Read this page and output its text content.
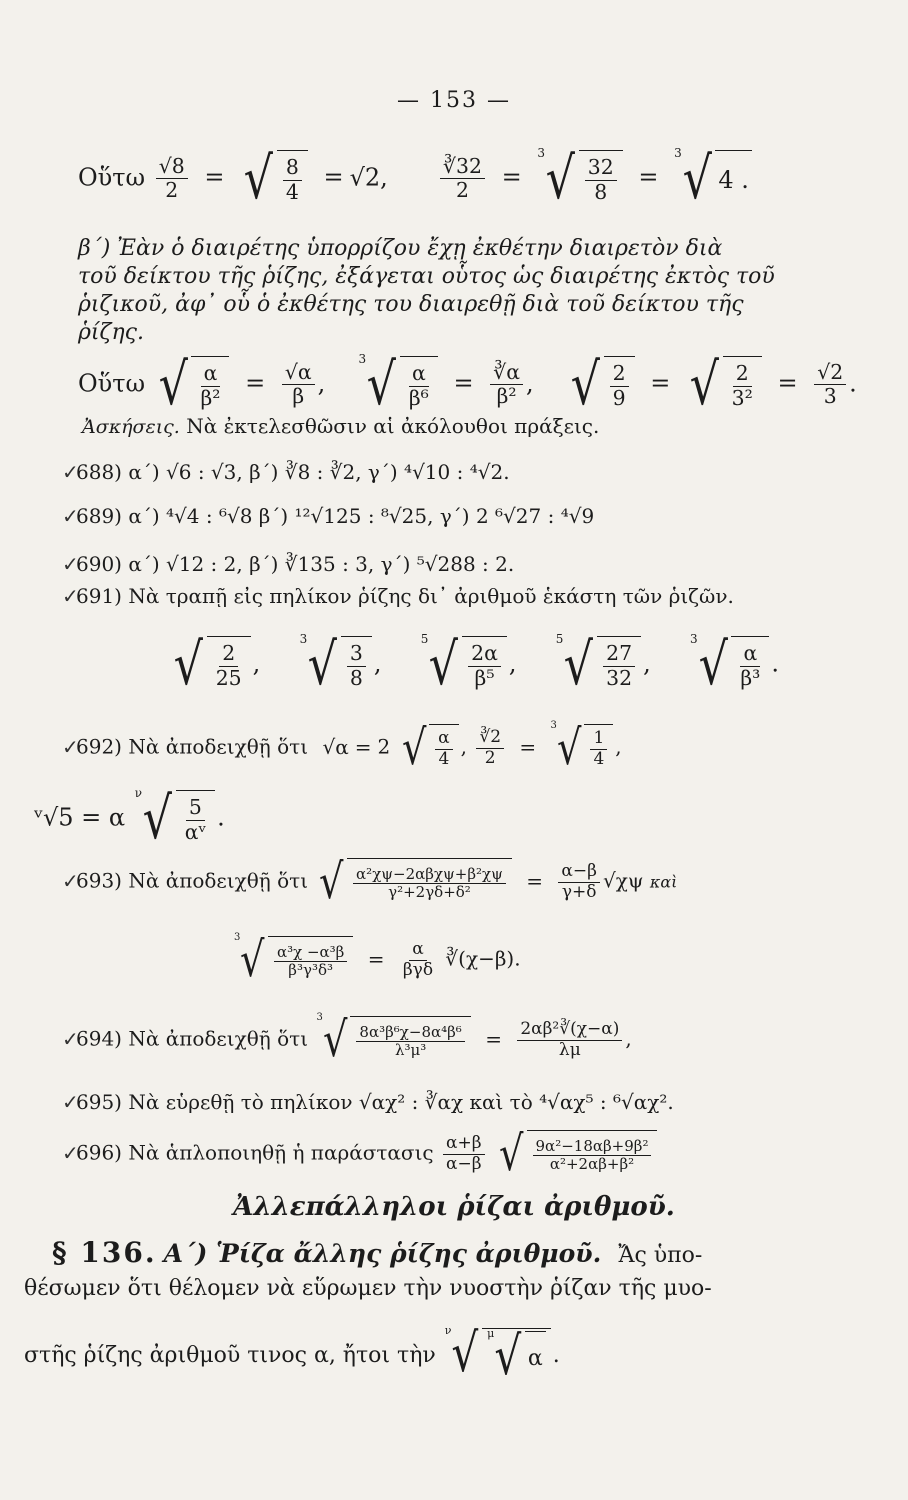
— 153 —
Οὕτω $\frac{√8}{2}$ = √ $\frac{8}{4} = √2$, $\frac{∛32}{2}$ =
3 √ $\frac{32}{8}$ =
3 √ 4 .
β΄) Ἐὰν ὁ διαιρέτης ὑπορρίζου ἔχῃ ἐκθέτην διαιρετὸν διὰ
τοῦ δείκτου τῆς ῥίζης, ἐξάγεται οὗτος ὡς διαιρέτης ἐκτὸς τοῦ
ῥιζικοῦ, ἀφ᾽ οὗ ὁ ἐκθέτης του διαιρεθῇ διὰ τοῦ δείκτου τῆς
ῥίζης.
Οὕτω √ $\frac{\alpha}{\text{β²}} = \frac{√\alpha}{\beta}$ ,
3 √ $\frac{\alpha}{\text{β⁶}} = \frac{∛\alpha}{\text{β²}}$ , √ $\frac{2}{9}$ = √ $\frac{2}{\text{3²}} = \frac{√2}{3}$ .
Ἀσκήσεις. Νὰ ἐκτελεσθῶσιν αἱ ἀκόλουθοι πράξεις.
✓688) α΄) √6 : √3, β΄) ∛8 : ∛2, γ΄) ⁴√10 : ⁴√2.
✓689) α΄) ⁴√4 : ⁶√8 β΄) ¹²√125 : ⁸√25, γ΄) 2 ⁶√27 : ⁴√9
✓690) α΄) √12 : 2, β΄) ∛135 : 3, γ΄) ⁵√288 : 2.
✓691) Νὰ τραπῇ εἰς πηλίκον ῥίζης δι᾽ ἀριθμοῦ ἑκάστη τῶν ῥιζῶν.
√ $\frac{2}{25}$ ,
3 √ $\frac{3}{8}$ ,
5 √ $\frac{2\alpha}{\text{β⁵}}$ ,
5 √ $\frac{27}{32}$ ,
3 √ $\frac{\alpha}{\text{β³}}$ .
✓692) Νὰ ἀποδειχθῇ ὅτι √α = 2 √ $\frac{\alpha}{4}$ , $\frac{∛2}{2}$ =
3 √ $\frac{1}{4}$ ,
ᵛ√5 = α
ν √ $\frac{5}{\text{αᵛ}}$ .
✓693) Νὰ ἀποδειχθῇ ὅτι √ $\frac{\text{α²χψ−2αβχψ+β²χψ}}{\text{γ²+2γδ+δ²}} = \frac{\alpha-\beta}{\gamma+\delta} √\chi\psi$ καὶ
3 √ $\frac{\text{α³χ −α³β}}{\text{β³γ³δ³}} = \frac{\alpha}{\text{βγδ}}$ ∛(χ−β).
✓694) Νὰ ἀποδειχθῇ ὅτι
3 √ $\frac{\text{8α³β⁶χ−8α⁴β⁶}}{\text{λ³μ³}} = \frac{\text{2αβ²∛(χ−α)}}{\lambda\mu}$ ,
✓695) Νὰ εὑρεθῇ τὸ πηλίκον √αχ² : ∛αχ καὶ τὸ ⁴√αχ⁵ : ⁶√αχ².
✓696) Νὰ ἁπλοποιηθῇ ἡ παράστασις $\frac{\alpha+\beta}{\alpha-\beta}$
√ $\frac{\text{9α²−18αβ+9β²}}{\text{α²+2αβ+β²}}$
Ἀλλεπάλληλοι ῥίζαι ἀριθμοῦ.
§ 136. Α΄) Ῥίζα ἄλλης ῥίζης ἀριθμοῦ. Ἄς ὑπο-
θέσωμεν ὅτι θέλομεν νὰ εὕρωμεν τὴν νυοστὴν ῥίζαν τῆς μυο-
στῆς ῥίζης ἀριθμοῦ τινος α, ἤτοι τὴν
ν √ μ √ α .
